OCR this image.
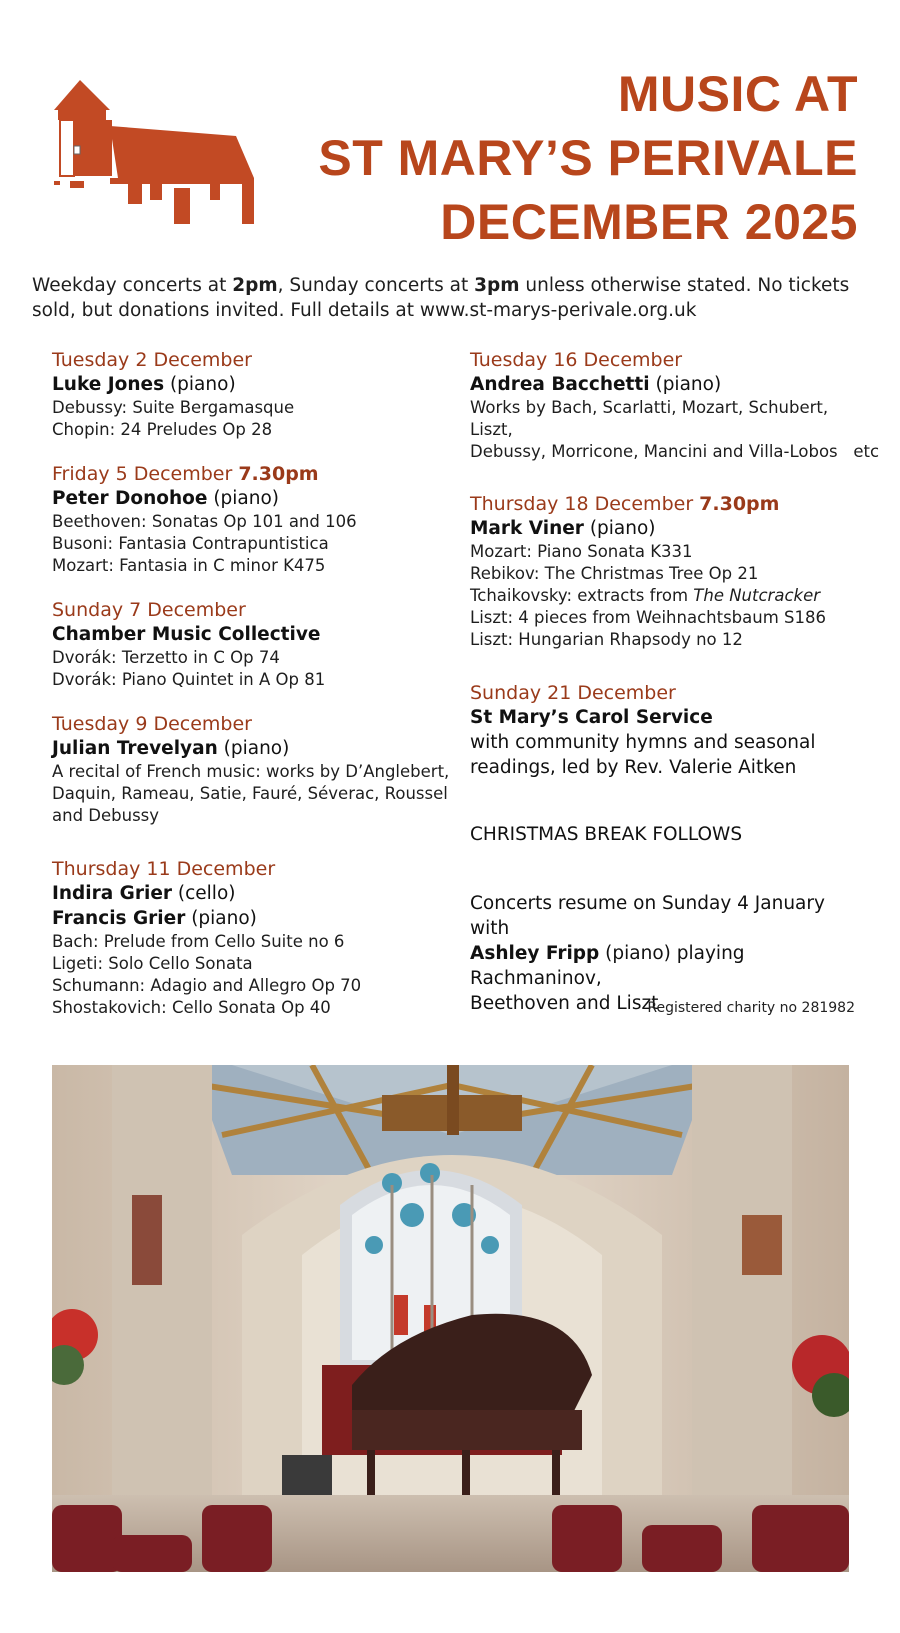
MUSIC AT
ST MARY’S PERIVALE
DECEMBER 2025
Weekday concerts at 2pm, Sunday concerts at 3pm unless otherwise stated. No tickets sold, but donations invited. Full details at www.st-marys-perivale.org.uk
Tuesday 2 December
Luke Jones (piano)
Debussy: Suite Bergamasque
Chopin: 24 Preludes Op 28
Friday 5 December 7.30pm
Peter Donohoe (piano)
Beethoven: Sonatas Op 101 and 106
Busoni: Fantasia Contrapuntistica
Mozart: Fantasia in C minor K475
Sunday 7 December
Chamber Music Collective
Dvorák: Terzetto in C Op 74
Dvorák: Piano Quintet in A Op 81
Tuesday 9 December
Julian Trevelyan (piano)
A recital of French music: works by D’Anglebert,
Daquin, Rameau, Satie, Fauré, Séverac, Roussel
and Debussy
Thursday 11 December
Indira Grier (cello)
Francis Grier (piano)
Bach: Prelude from Cello Suite no 6
Ligeti: Solo Cello Sonata
Schumann: Adagio and Allegro Op 70
Shostakovich: Cello Sonata Op 40
Tuesday 16 December
Andrea Bacchetti (piano)
Works by Bach, Scarlatti, Mozart, Schubert, Liszt,
Debussy, Morricone, Mancini and Villa-Lobos   etc
Thursday 18 December 7.30pm
Mark Viner (piano)
Mozart: Piano Sonata K331
Rebikov: The Christmas Tree Op 21
Tchaikovsky: extracts from The Nutcracker
Liszt: 4 pieces from Weihnachtsbaum S186
Liszt: Hungarian Rhapsody no 12
Sunday 21 December
St Mary’s Carol Service
with community hymns and seasonal
readings, led by Rev. Valerie Aitken
CHRISTMAS BREAK FOLLOWS
Concerts resume on Sunday 4 January with
Ashley Fripp (piano) playing Rachmaninov,
Beethoven and Liszt
Registered charity no 281982
